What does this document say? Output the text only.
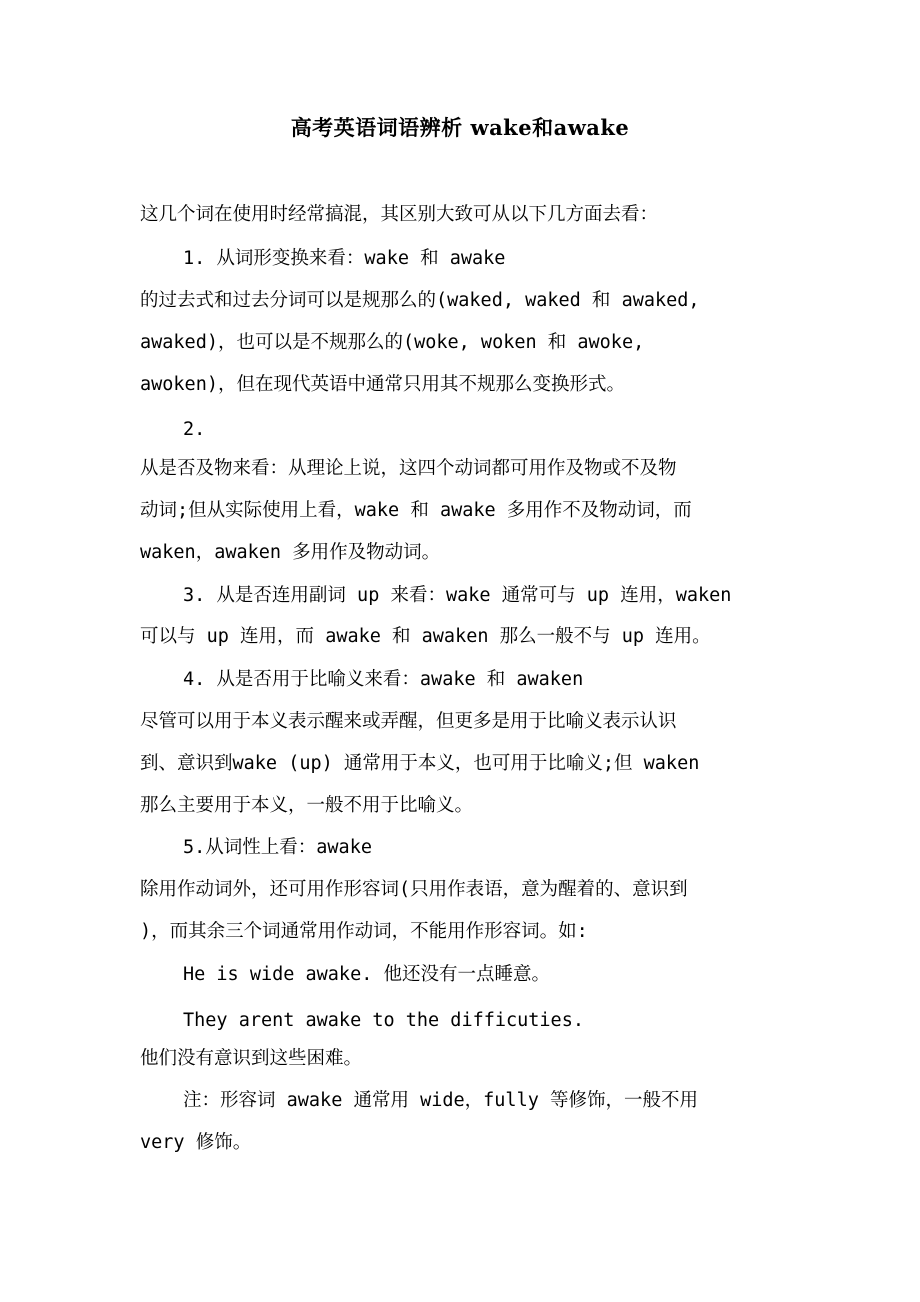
高考英语词语辨析 wake和awake
这几个词在使用时经常搞混，其区别大致可从以下几方面去看：
1. 从词形变换来看：wake 和 awake
的过去式和过去分词可以是规那么的(waked, waked 和 awaked,
awaked)，也可以是不规那么的(woke, woken 和 awoke,
awoken)，但在现代英语中通常只用其不规那么变换形式。
2.
从是否及物来看：从理论上说，这四个动词都可用作及物或不及物
动词;但从实际使用上看，wake 和 awake 多用作不及物动词，而
waken，awaken 多用作及物动词。
3. 从是否连用副词 up 来看：wake 通常可与 up 连用，waken
可以与 up 连用，而 awake 和 awaken 那么一般不与 up 连用。
4. 从是否用于比喻义来看：awake 和 awaken
尽管可以用于本义表示醒来或弄醒，但更多是用于比喻义表示认识
到、意识到wake (up) 通常用于本义，也可用于比喻义;但 waken
那么主要用于本义，一般不用于比喻义。
5.从词性上看：awake
除用作动词外，还可用作形容词(只用作表语，意为醒着的、意识到
)，而其余三个词通常用作动词，不能用作形容词。如:
He is wide awake. 他还没有一点睡意。
They arent awake to the difficuties.
他们没有意识到这些困难。
注：形容词 awake 通常用 wide，fully 等修饰，一般不用
very 修饰。
